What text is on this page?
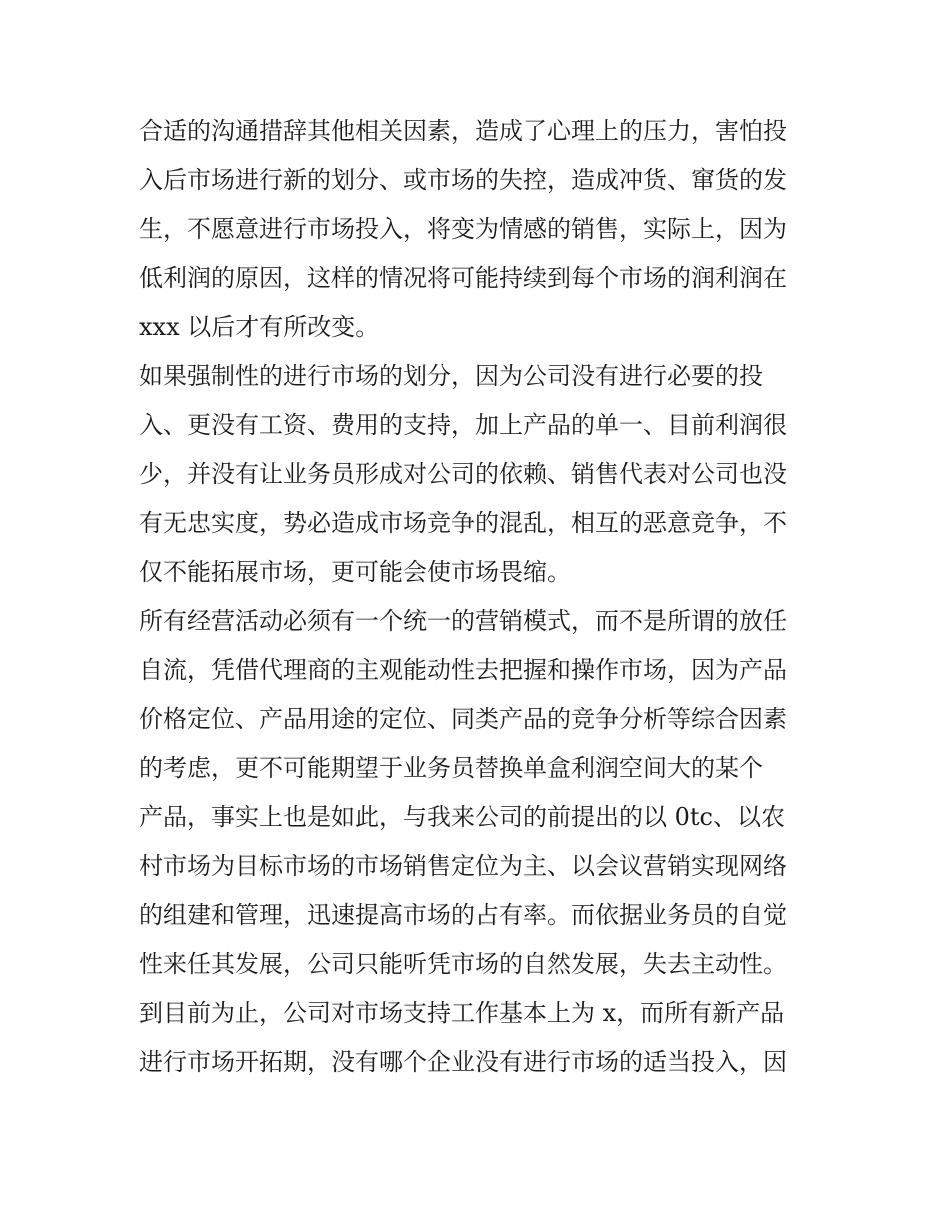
合适的沟通措辞其他相关因素，造成了心理上的压力，害怕投
入后市场进行新的划分、或市场的失控，造成冲货、窜货的发
生，不愿意进行市场投入，将变为情感的销售，实际上，因为
低利润的原因，这样的情况将可能持续到每个市场的润利润在
xxx 以后才有所改变。
如果强制性的进行市场的划分，因为公司没有进行必要的投
入、更没有工资、费用的支持，加上产品的单一、目前利润很
少，并没有让业务员形成对公司的依赖、销售代表对公司也没
有无忠实度，势必造成市场竞争的混乱，相互的恶意竞争，不
仅不能拓展市场，更可能会使市场畏缩。
所有经营活动必须有一个统一的营销模式，而不是所谓的放任
自流，凭借代理商的主观能动性去把握和操作市场，因为产品
价格定位、产品用途的定位、同类产品的竞争分析等综合因素
的考虑，更不可能期望于业务员替换单盒利润空间大的某个
产品，事实上也是如此，与我来公司的前提出的以 0tc、以农
村市场为目标市场的市场销售定位为主、以会议营销实现网络
的组建和管理，迅速提高市场的占有率。而依据业务员的自觉
性来任其发展，公司只能听凭市场的自然发展，失去主动性。
到目前为止，公司对市场支持工作基本上为 x，而所有新产品
进行市场开拓期，没有哪个企业没有进行市场的适当投入，因
